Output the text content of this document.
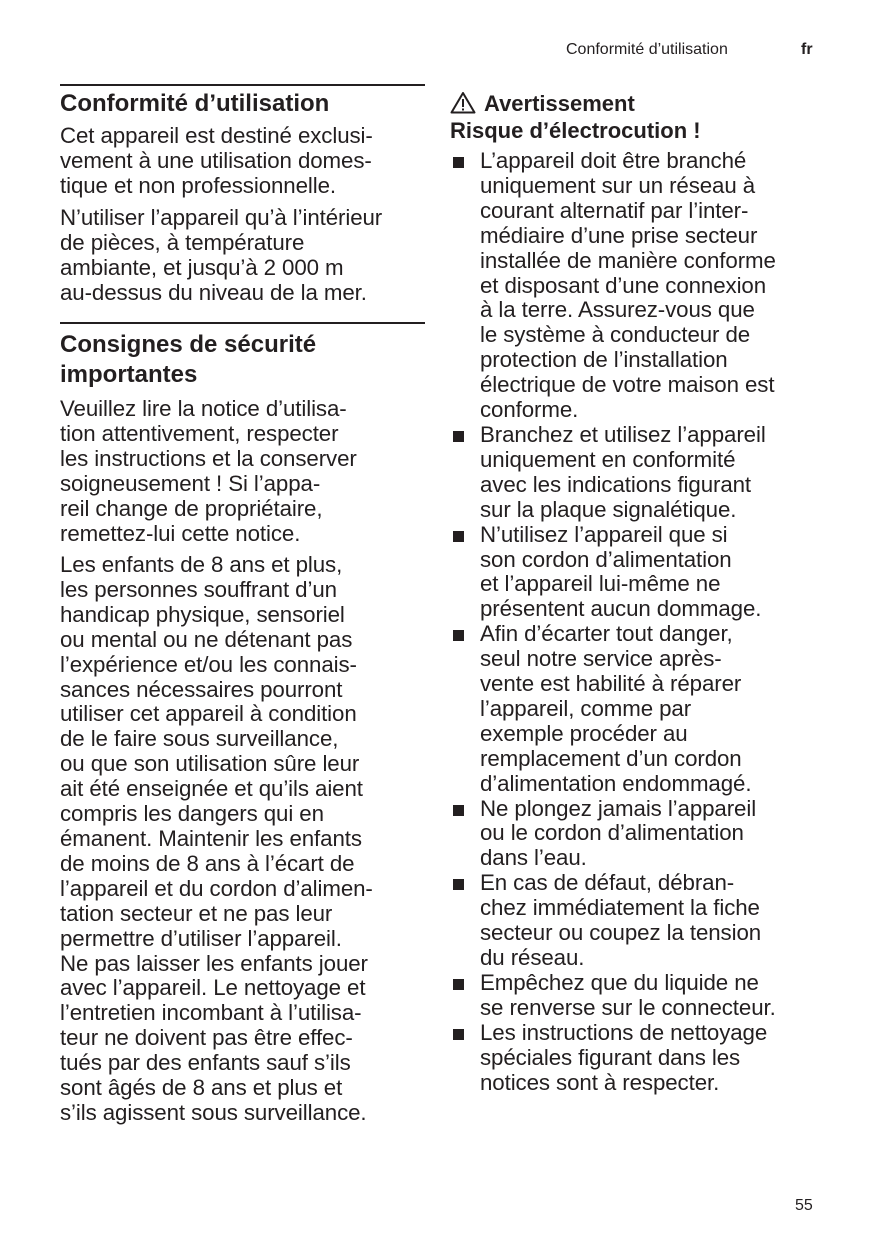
Conformité d’utilisation	fr
Conformité d’utilisation
Cet appareil est destiné exclusi-
vement à une utilisation domes-
tique et non professionnelle.
N’utiliser l’appareil qu’à l’intérieur
de pièces, à température
ambiante, et jusqu’à 2 000 m
au-dessus du niveau de la mer.
Consignes de sécurité
importantes
Veuillez lire la notice d’utilisa-
tion attentivement, respecter
les instructions et la conserver
soigneusement ! Si l’appa-
reil change de propriétaire,
remettez-lui cette notice.
Les enfants de 8 ans et plus,
les personnes souffrant d’un
handicap physique, sensoriel
ou mental ou ne détenant pas
l’expérience et/ou les connais-
sances nécessaires pourront
utiliser cet appareil à condition
de le faire sous surveillance,
ou que son utilisation sûre leur
ait été enseignée et qu’ils aient
compris les dangers qui en
émanent. Maintenir les enfants
de moins de 8 ans à l’écart de
l’appareil et du cordon d’alimen-
tation secteur et ne pas leur
permettre d’utiliser l’appareil.
Ne pas laisser les enfants jouer
avec l’appareil. Le nettoyage et
l’entretien incombant à l’utilisa-
teur ne doivent pas être effec-
tués par des enfants sauf s’ils
sont âgés de 8 ans et plus et
s’ils agissent sous surveillance.
Avertissement
Risque d’électrocution !
L’appareil doit être branché
uniquement sur un réseau à
courant alternatif par l’inter-
médiaire d’une prise secteur
installée de manière conforme
et disposant d’une connexion
à la terre. Assurez-vous que
le système à conducteur de
protection de l’installation
électrique de votre maison est
conforme.
Branchez et utilisez l’appareil
uniquement en conformité
avec les indications figurant
sur la plaque signalétique.
N’utilisez l’appareil que si
son cordon d’alimentation
et l’appareil lui-même ne
présentent aucun dommage.
Afin d’écarter tout danger,
seul notre service après-
vente est habilité à réparer
l’appareil, comme par
exemple procéder au
remplacement d’un cordon
d’alimentation endommagé.
Ne plongez jamais l’appareil
ou le cordon d’alimentation
dans l’eau.
En cas de défaut, débran-
chez immédiatement la fiche
secteur ou coupez la tension
du réseau.
Empêchez que du liquide ne
se renverse sur le connecteur.
Les instructions de nettoyage
spéciales figurant dans les
notices sont à respecter.
55
